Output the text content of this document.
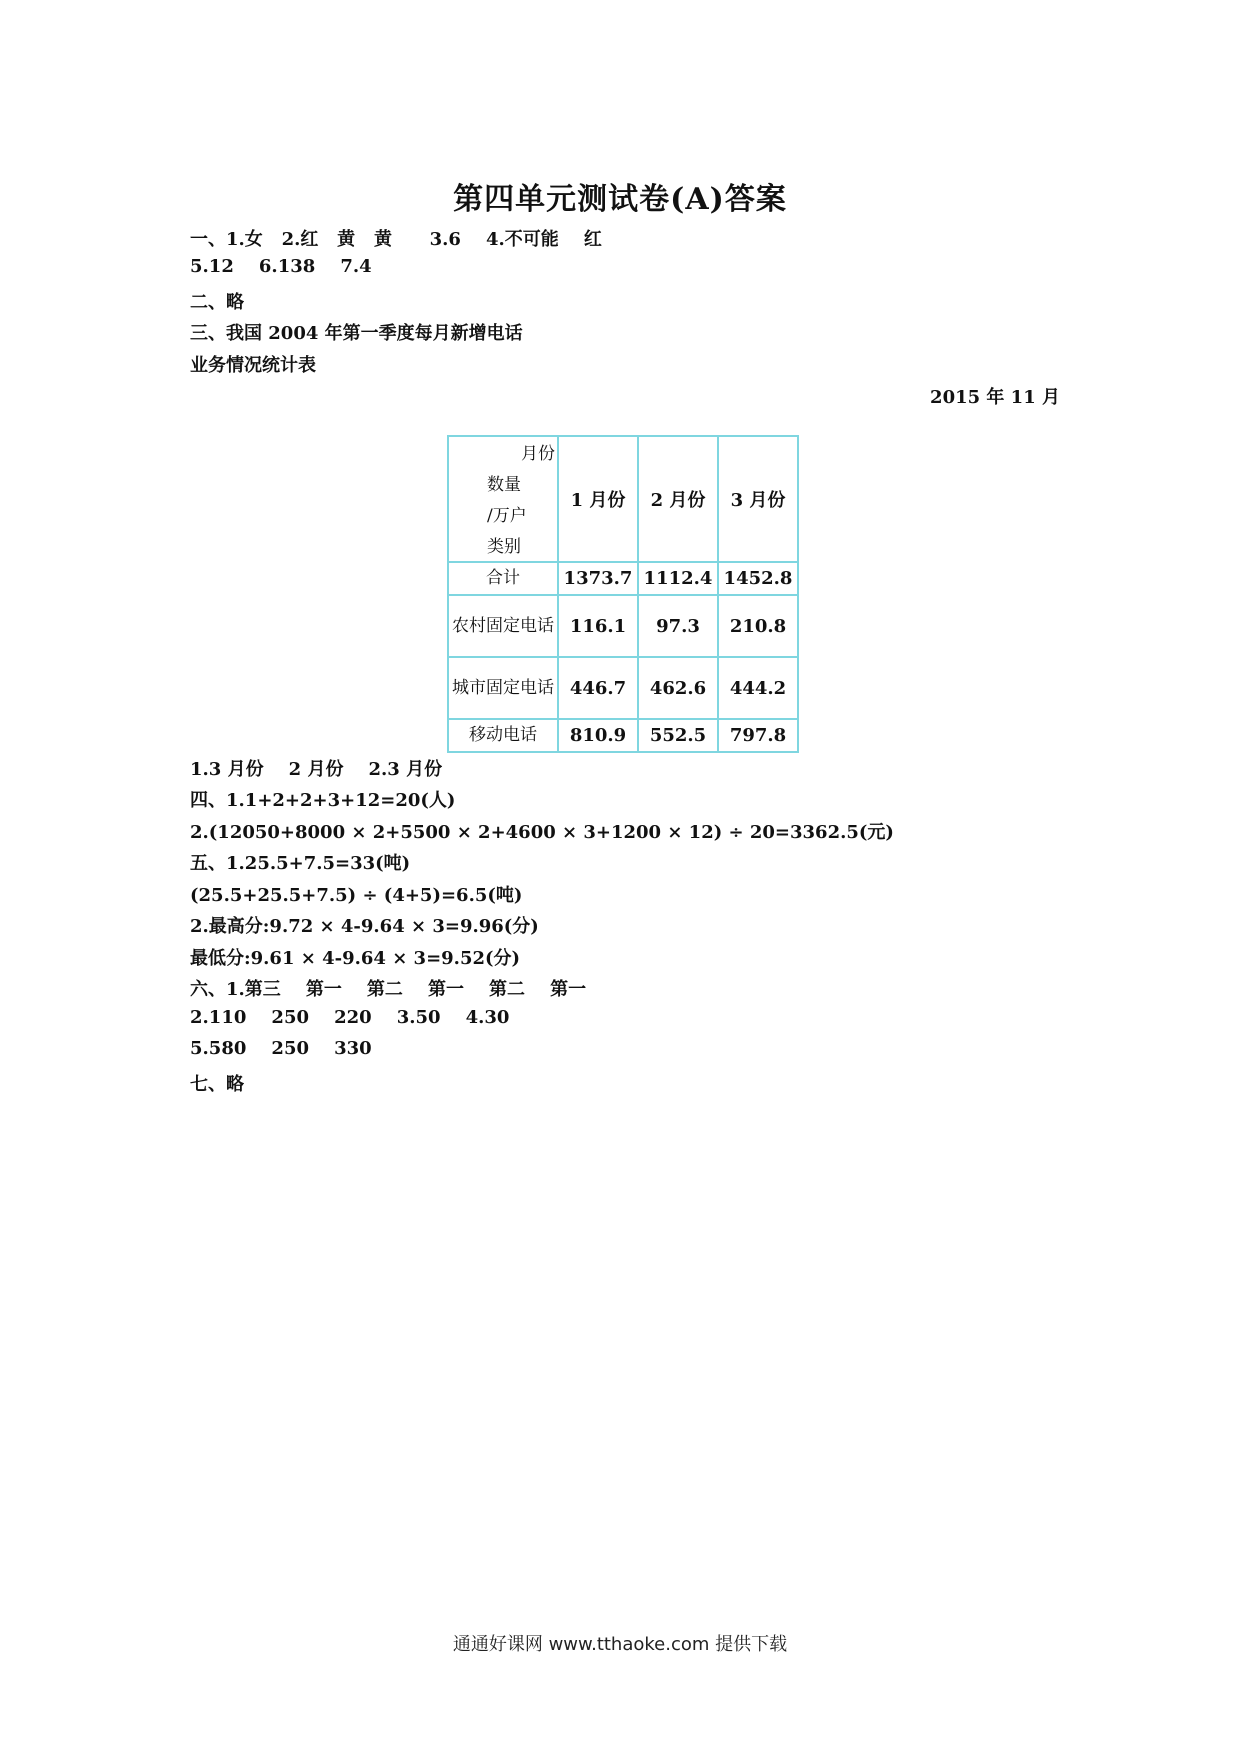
第四单元测试卷(A)答案
一、1.女   2.红   黄   黄      3.6    4.不可能    红
5.12    6.138    7.4
二、略
三、我国 2004 年第一季度每月新增电话
业务情况统计表
2015 年 11 月
月份
数量
/万户
类别	1 月份	2 月份	3 月份
合计	1373.7	1112.4	1452.8
农村固定电话	116.1	97.3	210.8
城市固定电话	446.7	462.6	444.2
移动电话	810.9	552.5	797.8
1.3 月份    2 月份    2.3 月份
四、1.1+2+2+3+12=20(人)
2.(12050+8000 × 2+5500 × 2+4600 × 3+1200 × 12) ÷ 20=3362.5(元)
五、1.25.5+7.5=33(吨)
(25.5+25.5+7.5) ÷ (4+5)=6.5(吨)
2.最高分:9.72 × 4-9.64 × 3=9.96(分)
最低分:9.61 × 4-9.64 × 3=9.52(分)
六、1.第三    第一    第二    第一    第二    第一
2.110    250    220    3.50    4.30
5.580    250    330
七、略
通通好课网 www.tthaoke.com 提供下载
